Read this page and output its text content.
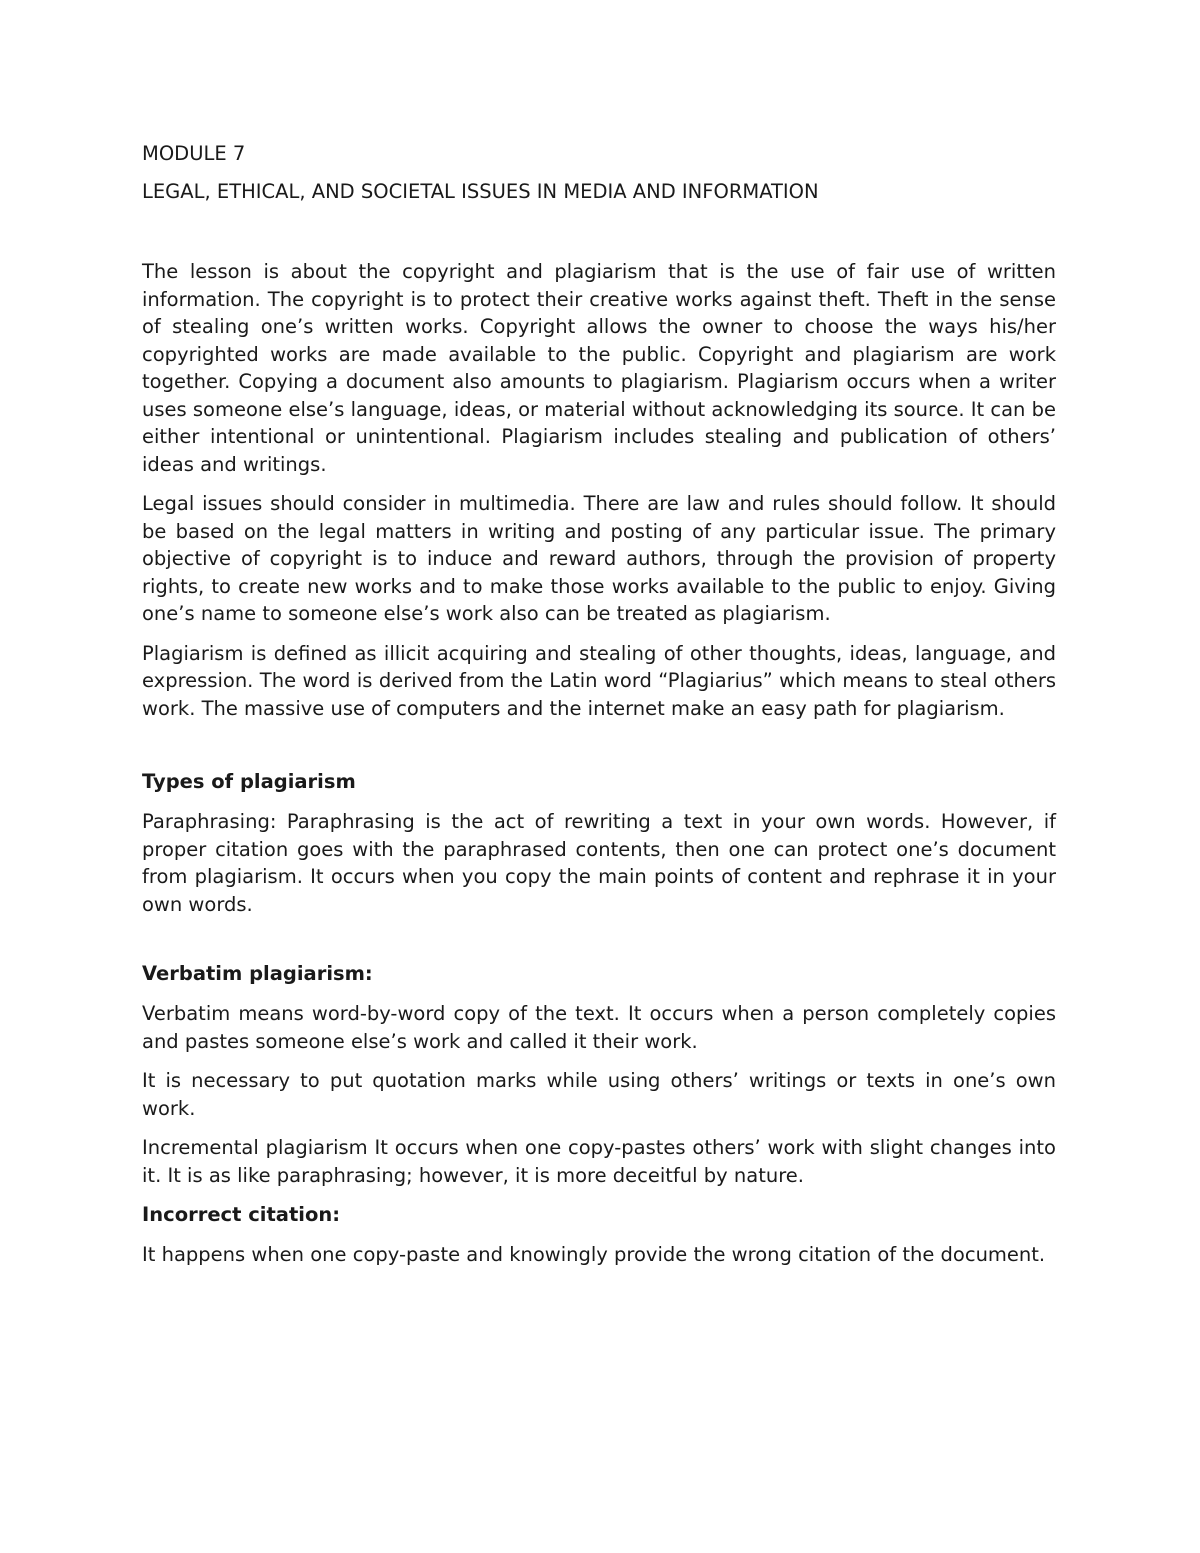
MODULE 7

LEGAL, ETHICAL, AND SOCIETAL ISSUES IN MEDIA AND INFORMATION

The lesson is about the copyright and plagiarism that is the use of fair use of written information. The copyright is to protect their creative works against theft. Theft in the sense of stealing one’s written works. Copyright allows the owner to choose the ways his/her copyrighted works are made available to the public. Copyright and plagiarism are work together. Copying a document also amounts to plagiarism. Plagiarism occurs when a writer uses someone else’s language, ideas, or material without acknowledging its source. It can be either intentional or unintentional. Plagiarism includes stealing and publication of others’ ideas and writings.

Legal issues should consider in multimedia. There are law and rules should follow. It should be based on the legal matters in writing and posting of any particular issue. The primary objective of copyright is to induce and reward authors, through the provision of property rights, to create new works and to make those works available to the public to enjoy. Giving one’s name to someone else’s work also can be treated as plagiarism.

Plagiarism is defined as illicit acquiring and stealing of other thoughts, ideas, language, and expression. The word is derived from the Latin word “Plagiarius” which means to steal others work. The massive use of computers and the internet make an easy path for plagiarism.

Types of plagiarism

Paraphrasing: Paraphrasing is the act of rewriting a text in your own words. However, if proper citation goes with the paraphrased contents, then one can protect one’s document from plagiarism. It occurs when you copy the main points of content and rephrase it in your own words.

Verbatim plagiarism:

Verbatim means word-by-word copy of the text. It occurs when a person completely copies and pastes someone else’s work and called it their work.

It is necessary to put quotation marks while using others’ writings or texts in one’s own work.

Incremental plagiarism It occurs when one copy-pastes others’ work with slight changes into it. It is as like paraphrasing; however, it is more deceitful by nature.

Incorrect citation:

It happens when one copy-paste and knowingly provide the wrong citation of the document.
